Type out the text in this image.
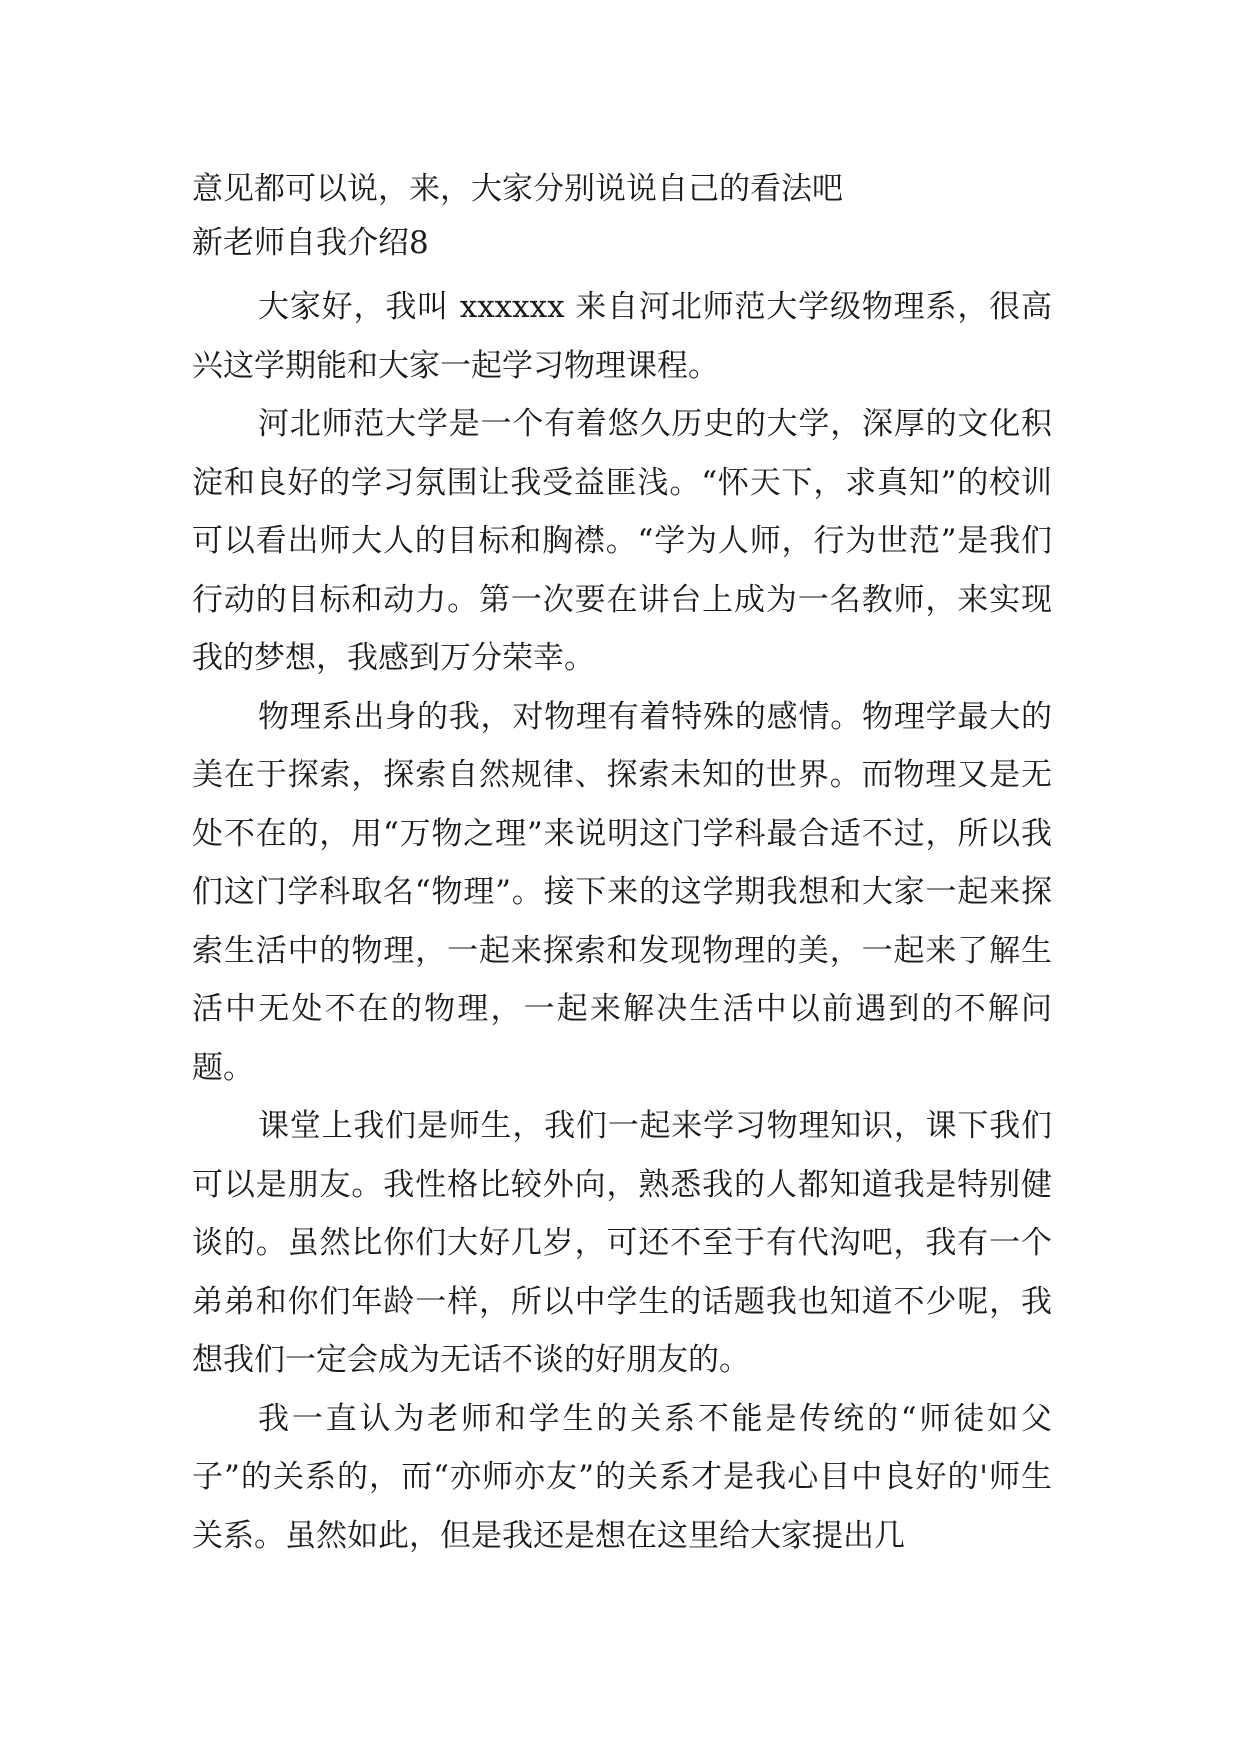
意见都可以说，来，大家分别说说自己的看法吧
新老师自我介绍8

大家好，我叫 xxxxxx 来自河北师范大学级物理系，很高兴这学期能和大家一起学习物理课程。

河北师范大学是一个有着悠久历史的大学，深厚的文化积淀和良好的学习氛围让我受益匪浅。“怀天下，求真知”的校训可以看出师大人的目标和胸襟。“学为人师，行为世范”是我们行动的目标和动力。第一次要在讲台上成为一名教师，来实现我的梦想，我感到万分荣幸。

物理系出身的我，对物理有着特殊的感情。物理学最大的美在于探索，探索自然规律、探索未知的世界。而物理又是无处不在的，用“万物之理”来说明这门学科最合适不过，所以我们这门学科取名“物理”。接下来的这学期我想和大家一起来探索生活中的物理，一起来探索和发现物理的美，一起来了解生活中无处不在的物理，一起来解决生活中以前遇到的不解问题。

课堂上我们是师生，我们一起来学习物理知识，课下我们可以是朋友。我性格比较外向，熟悉我的人都知道我是特别健谈的。虽然比你们大好几岁，可还不至于有代沟吧，我有一个弟弟和你们年龄一样，所以中学生的话题我也知道不少呢，我想我们一定会成为无话不谈的好朋友的。

我一直认为老师和学生的关系不能是传统的“师徒如父子”的关系的，而“亦师亦友”的关系才是我心目中良好的'师生关系。虽然如此，但是我还是想在这里给大家提出几
